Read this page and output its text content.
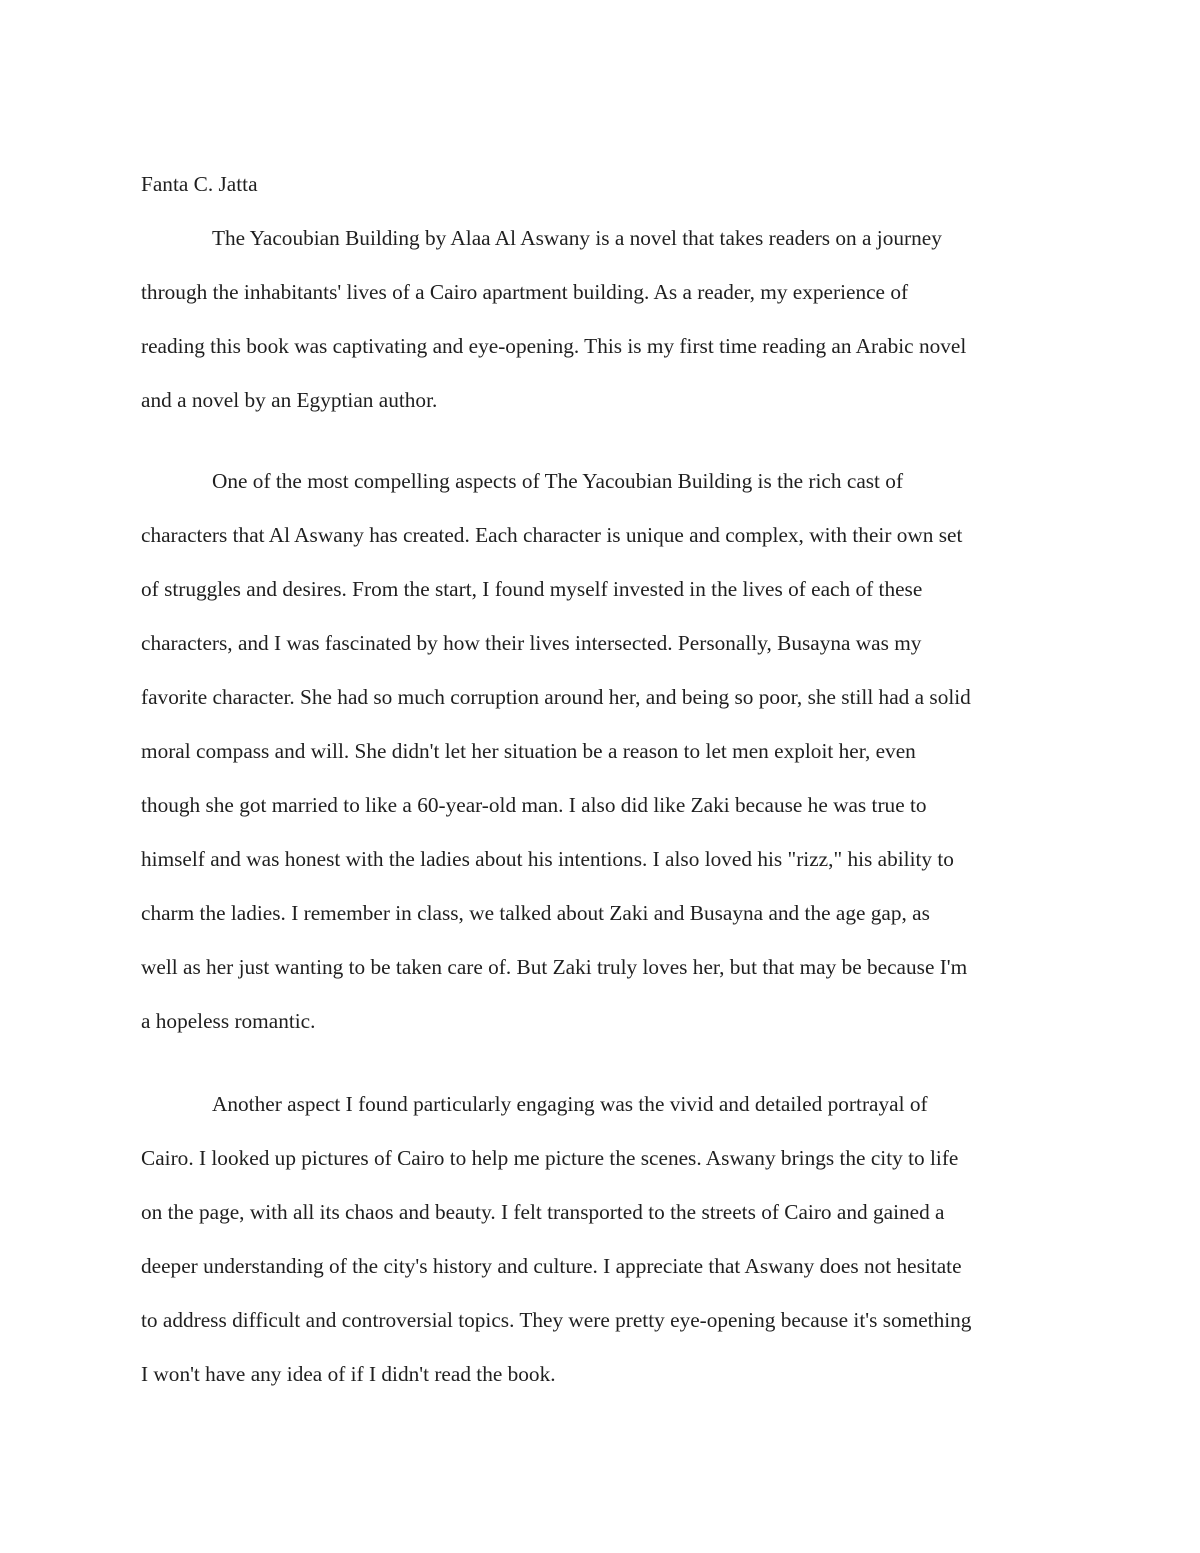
Fanta C. Jatta
The Yacoubian Building by Alaa Al Aswany is a novel that takes readers on a journey
through the inhabitants' lives of a Cairo apartment building. As a reader, my experience of
reading this book was captivating and eye-opening. This is my first time reading an Arabic novel
and a novel by an Egyptian author.
One of the most compelling aspects of The Yacoubian Building is the rich cast of
characters that Al Aswany has created. Each character is unique and complex, with their own set
of struggles and desires. From the start, I found myself invested in the lives of each of these
characters, and I was fascinated by how their lives intersected. Personally, Busayna was my
favorite character. She had so much corruption around her, and being so poor, she still had a solid
moral compass and will. She didn't let her situation be a reason to let men exploit her, even
though she got married to like a 60-year-old man. I also did like Zaki because he was true to
himself and was honest with the ladies about his intentions. I also loved his "rizz," his ability to
charm the ladies. I remember in class, we talked about Zaki and Busayna and the age gap, as
well as her just wanting to be taken care of. But Zaki truly loves her, but that may be because I'm
a hopeless romantic.
Another aspect I found particularly engaging was the vivid and detailed portrayal of
Cairo. I looked up pictures of Cairo to help me picture the scenes. Aswany brings the city to life
on the page, with all its chaos and beauty. I felt transported to the streets of Cairo and gained a
deeper understanding of the city's history and culture. I appreciate that Aswany does not hesitate
to address difficult and controversial topics. They were pretty eye-opening because it's something
I won't have any idea of if I didn't read the book.
